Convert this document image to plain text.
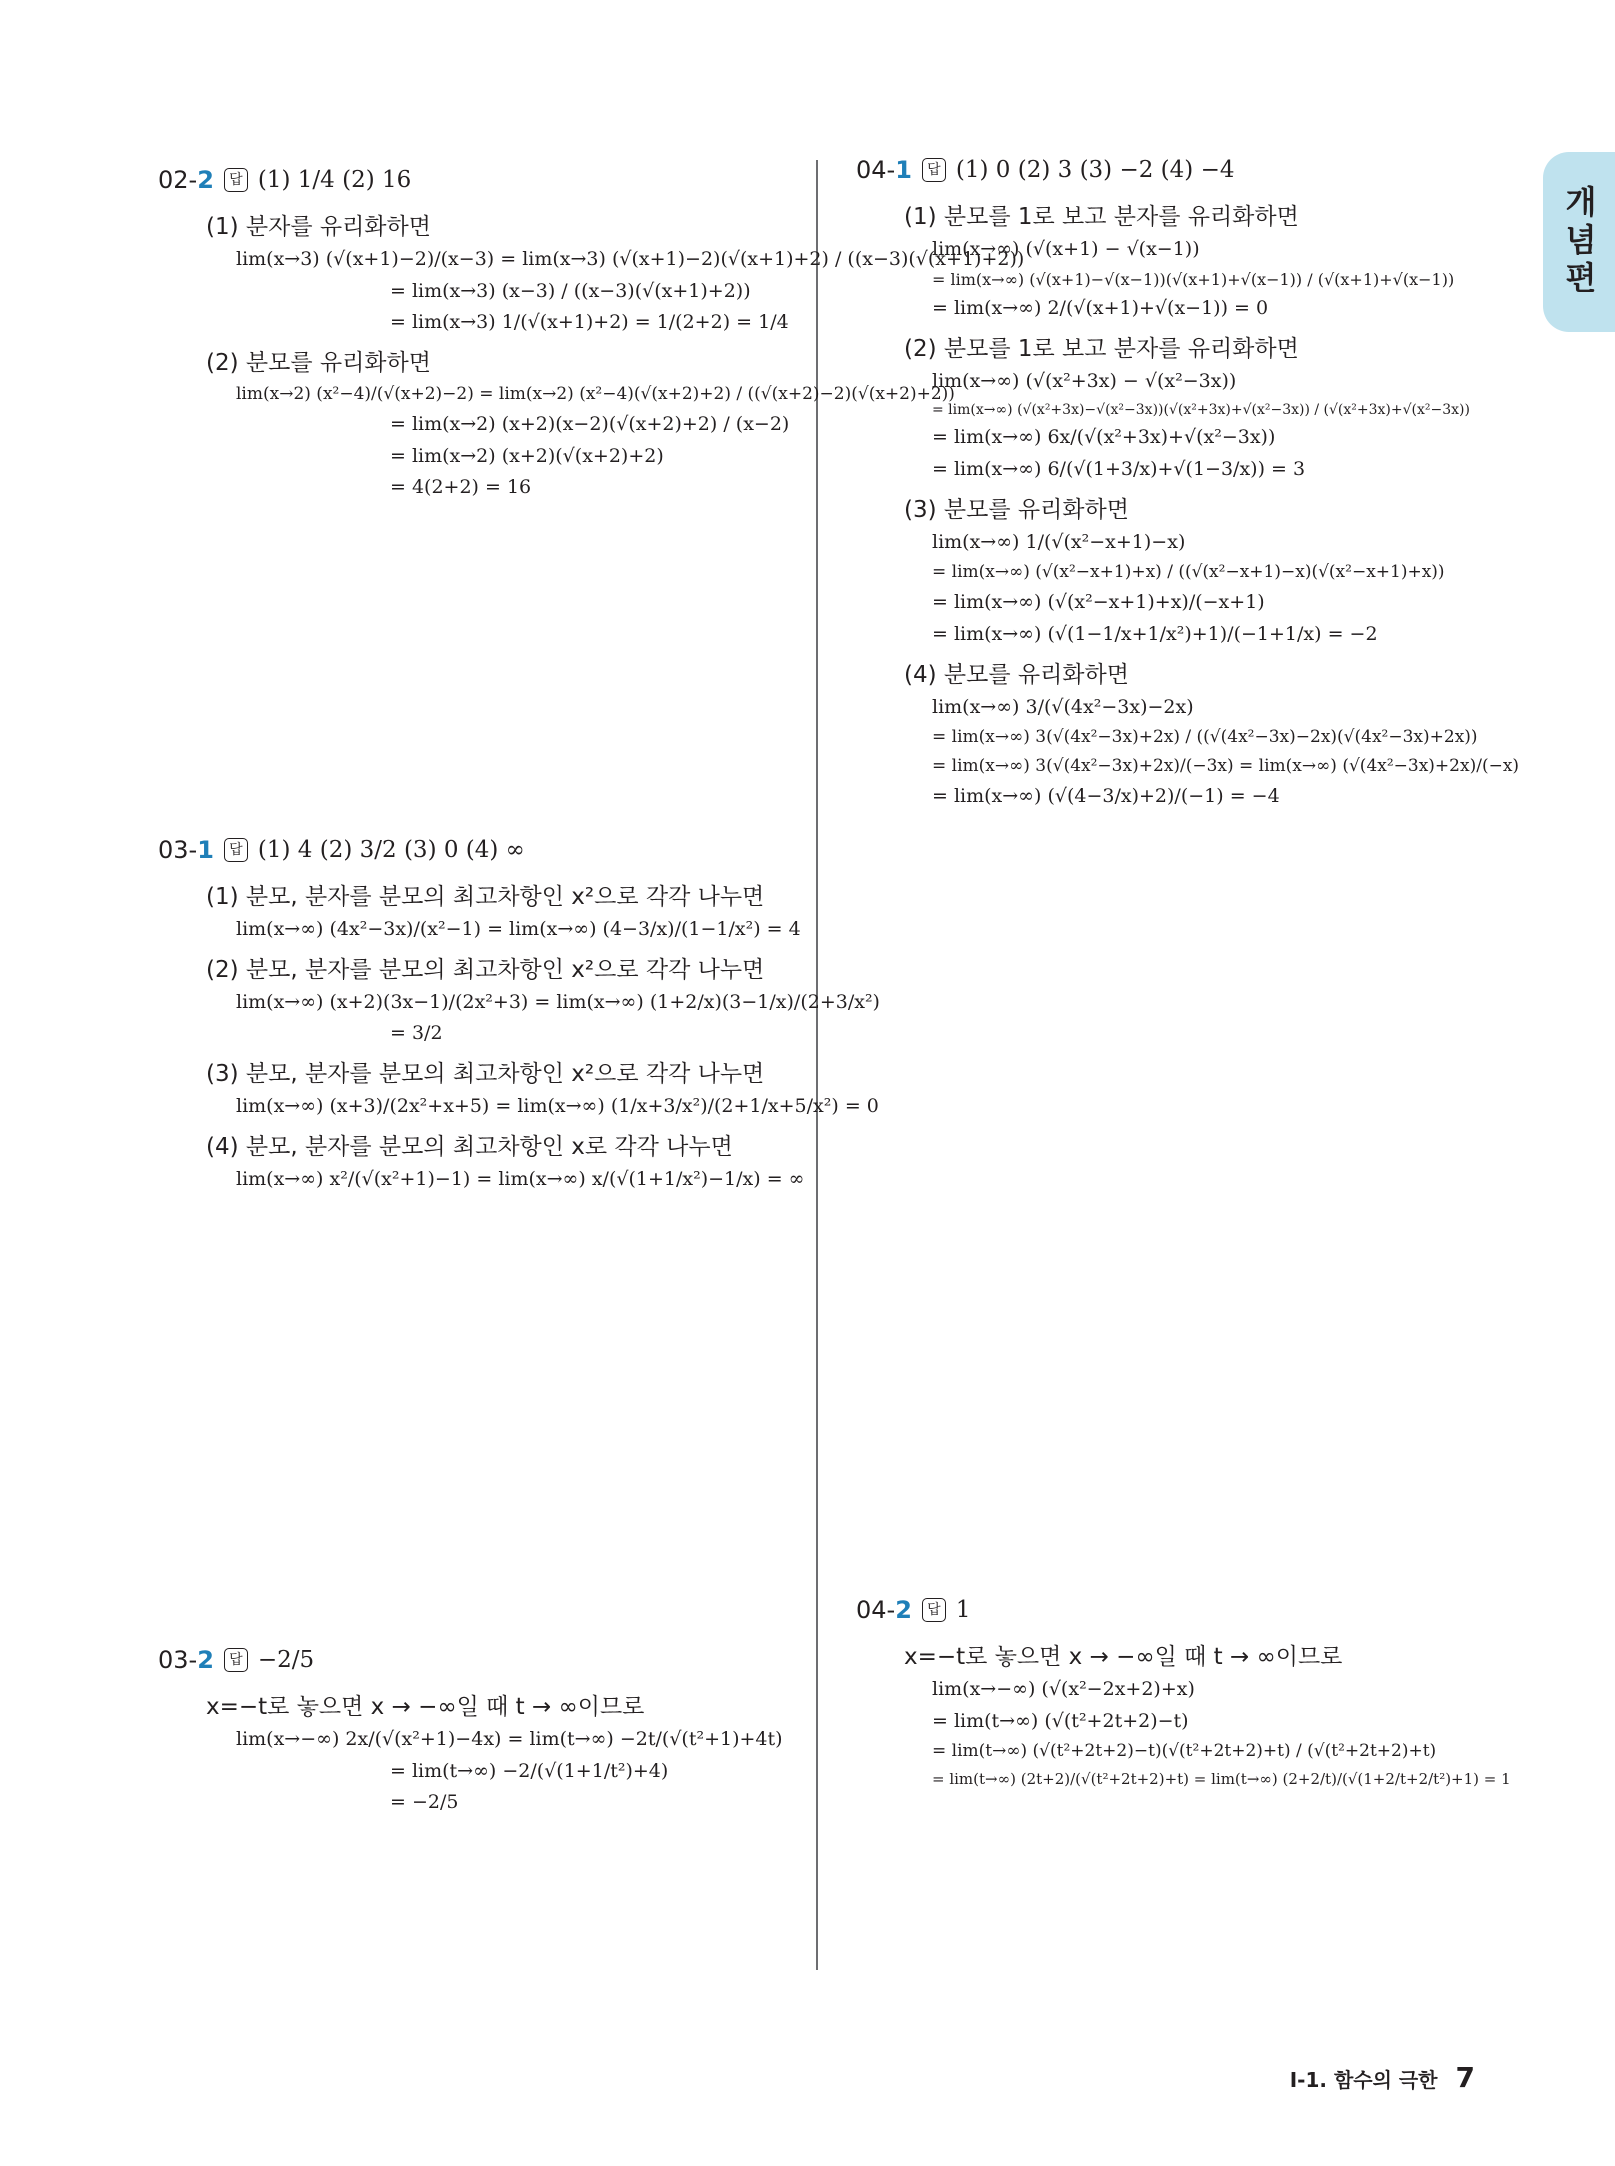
개념편
02-2	답 (1) 1/4 (2) 16
(1) 분자를 유리화하면
lim(x→3) (√(x+1)−2)/(x−3) = lim(x→3) (√(x+1)−2)(√(x+1)+2) / ((x−3)(√(x+1)+2))
= lim(x→3) (x−3) / ((x−3)(√(x+1)+2))
= lim(x→3) 1/(√(x+1)+2) = 1/(2+2) = 1/4
(2) 분모를 유리화하면
lim(x→2) (x²−4)/(√(x+2)−2) = lim(x→2) (x²−4)(√(x+2)+2) / ((√(x+2)−2)(√(x+2)+2))
= lim(x→2) (x+2)(x−2)(√(x+2)+2) / (x−2)
= lim(x→2) (x+2)(√(x+2)+2)
= 4(2+2) = 16
03-1	답 (1) 4 (2) 3/2 (3) 0 (4) ∞
(1) 분모, 분자를 분모의 최고차항인 x²으로 각각 나누면
lim(x→∞) (4x²−3x)/(x²−1) = lim(x→∞) (4−3/x)/(1−1/x²) = 4
(2) 분모, 분자를 분모의 최고차항인 x²으로 각각 나누면
lim(x→∞) (x+2)(3x−1)/(2x²+3) = lim(x→∞) (1+2/x)(3−1/x)/(2+3/x²)
= 3/2
(3) 분모, 분자를 분모의 최고차항인 x²으로 각각 나누면
lim(x→∞) (x+3)/(2x²+x+5) = lim(x→∞) (1/x+3/x²)/(2+1/x+5/x²) = 0
(4) 분모, 분자를 분모의 최고차항인 x로 각각 나누면
lim(x→∞) x²/(√(x²+1)−1) = lim(x→∞) x/(√(1+1/x²)−1/x) = ∞
03-2	답 −2/5
x=−t로 놓으면 x → −∞일 때 t → ∞이므로
lim(x→−∞) 2x/(√(x²+1)−4x) = lim(t→∞) −2t/(√(t²+1)+4t)
= lim(t→∞) −2/(√(1+1/t²)+4)
= −2/5
04-1	답 (1) 0 (2) 3 (3) −2 (4) −4
(1) 분모를 1로 보고 분자를 유리화하면
lim(x→∞) (√(x+1) − √(x−1))
= lim(x→∞) (√(x+1)−√(x−1))(√(x+1)+√(x−1)) / (√(x+1)+√(x−1))
= lim(x→∞) 2/(√(x+1)+√(x−1)) = 0
(2) 분모를 1로 보고 분자를 유리화하면
lim(x→∞) (√(x²+3x) − √(x²−3x))
= lim(x→∞) (√(x²+3x)−√(x²−3x))(√(x²+3x)+√(x²−3x)) / (√(x²+3x)+√(x²−3x))
= lim(x→∞) 6x/(√(x²+3x)+√(x²−3x))
= lim(x→∞) 6/(√(1+3/x)+√(1−3/x)) = 3
(3) 분모를 유리화하면
lim(x→∞) 1/(√(x²−x+1)−x)
= lim(x→∞) (√(x²−x+1)+x) / ((√(x²−x+1)−x)(√(x²−x+1)+x))
= lim(x→∞) (√(x²−x+1)+x)/(−x+1)
= lim(x→∞) (√(1−1/x+1/x²)+1)/(−1+1/x) = −2
(4) 분모를 유리화하면
lim(x→∞) 3/(√(4x²−3x)−2x)
= lim(x→∞) 3(√(4x²−3x)+2x) / ((√(4x²−3x)−2x)(√(4x²−3x)+2x))
= lim(x→∞) 3(√(4x²−3x)+2x)/(−3x) = lim(x→∞) (√(4x²−3x)+2x)/(−x)
= lim(x→∞) (√(4−3/x)+2)/(−1) = −4
04-2	답 1
x=−t로 놓으면 x → −∞일 때 t → ∞이므로
lim(x→−∞) (√(x²−2x+2)+x)
= lim(t→∞) (√(t²+2t+2)−t)
= lim(t→∞) (√(t²+2t+2)−t)(√(t²+2t+2)+t) / (√(t²+2t+2)+t)
= lim(t→∞) (2t+2)/(√(t²+2t+2)+t) = lim(t→∞) (2+2/t)/(√(1+2/t+2/t²)+1) = 1
Ⅰ-1. 함수의 극한 7
